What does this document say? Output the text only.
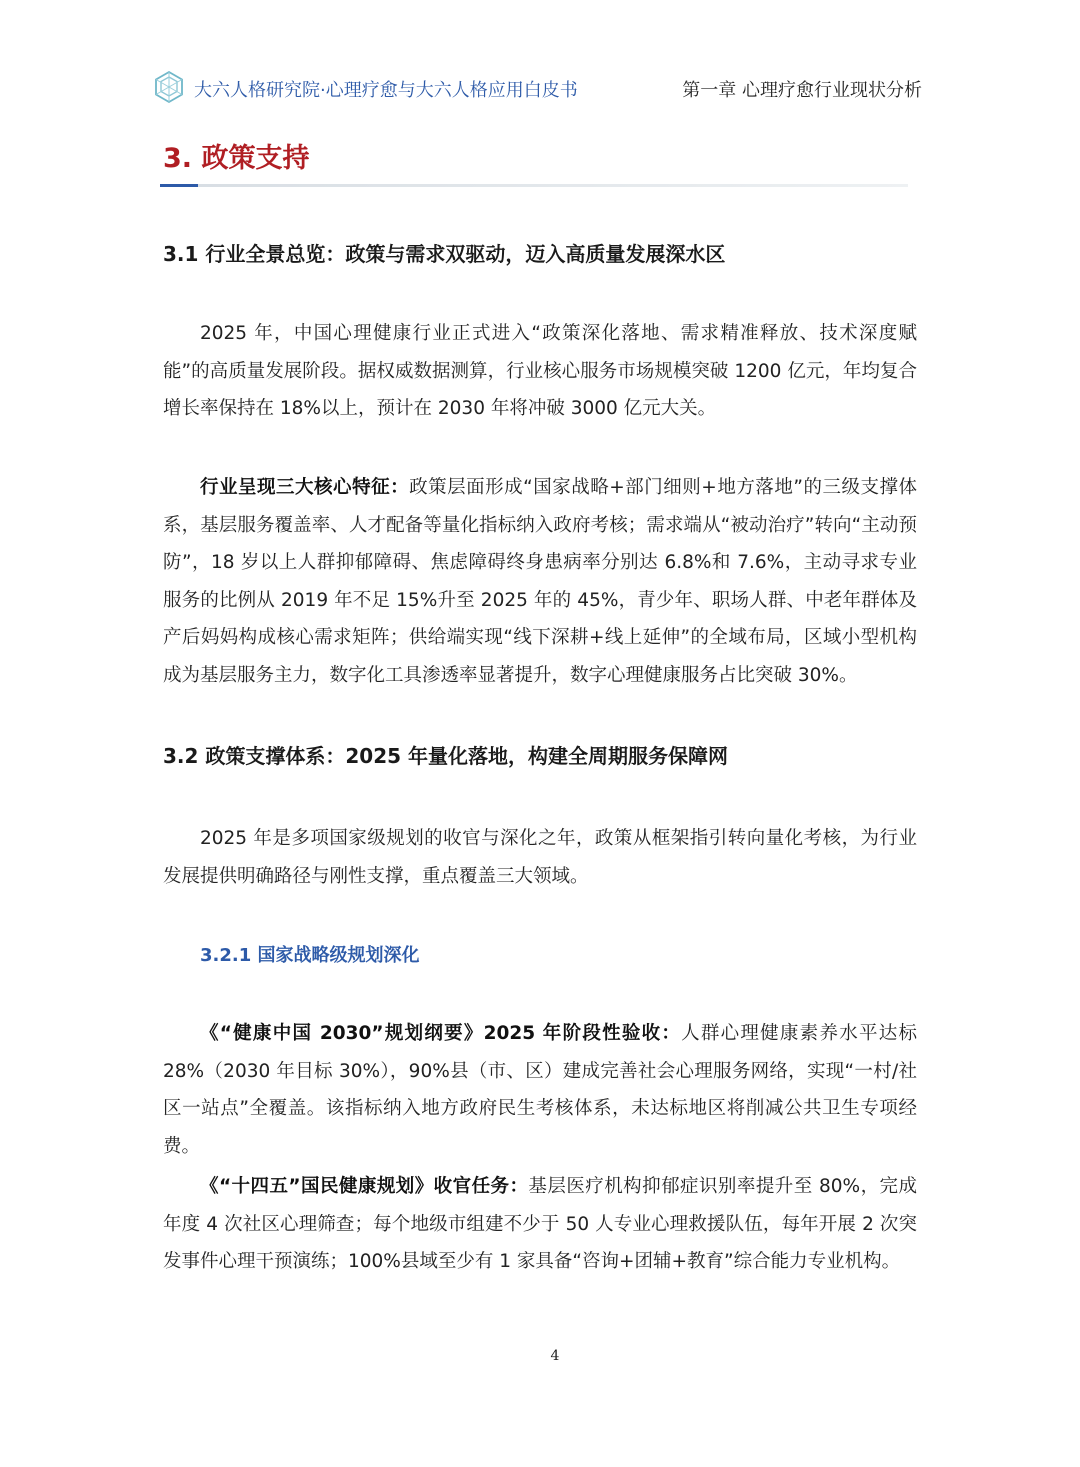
大六人格研究院·心理疗愈与大六人格应用白皮书	第一章 心理疗愈行业现状分析
3. 政策支持
3.1 行业全景总览：政策与需求双驱动，迈入高质量发展深水区

2025 年，中国心理健康行业正式进入“政策深化落地、需求精准释放、技术深度赋能”的高质量发展阶段。据权威数据测算，行业核心服务市场规模突破 1200 亿元，年均复合增长率保持在 18%以上，预计在 2030 年将冲破 3000 亿元大关。

行业呈现三大核心特征：政策层面形成“国家战略+部门细则+地方落地”的三级支撑体系，基层服务覆盖率、人才配备等量化指标纳入政府考核；需求端从“被动治疗”转向“主动预防”，18 岁以上人群抑郁障碍、焦虑障碍终身患病率分别达 6.8%和 7.6%，主动寻求专业服务的比例从 2019 年不足 15%升至 2025 年的 45%，青少年、职场人群、中老年群体及产后妈妈构成核心需求矩阵；供给端实现“线下深耕+线上延伸”的全域布局，区域小型机构成为基层服务主力，数字化工具渗透率显著提升，数字心理健康服务占比突破 30%。

3.2 政策支撑体系：2025 年量化落地，构建全周期服务保障网

2025 年是多项国家级规划的收官与深化之年，政策从框架指引转向量化考核，为行业发展提供明确路径与刚性支撑，重点覆盖三大领域。

3.2.1 国家战略级规划深化

《“健康中国 2030”规划纲要》2025 年阶段性验收：人群心理健康素养水平达标 28%（2030 年目标 30%），90%县（市、区）建成完善社会心理服务网络，实现“一村/社区一站点”全覆盖。该指标纳入地方政府民生考核体系，未达标地区将削减公共卫生专项经费。

《“十四五”国民健康规划》收官任务：基层医疗机构抑郁症识别率提升至 80%，完成年度 4 次社区心理筛查；每个地级市组建不少于 50 人专业心理救援队伍，每年开展 2 次突发事件心理干预演练；100%县域至少有 1 家具备“咨询+团辅+教育”综合能力专业机构。

4
